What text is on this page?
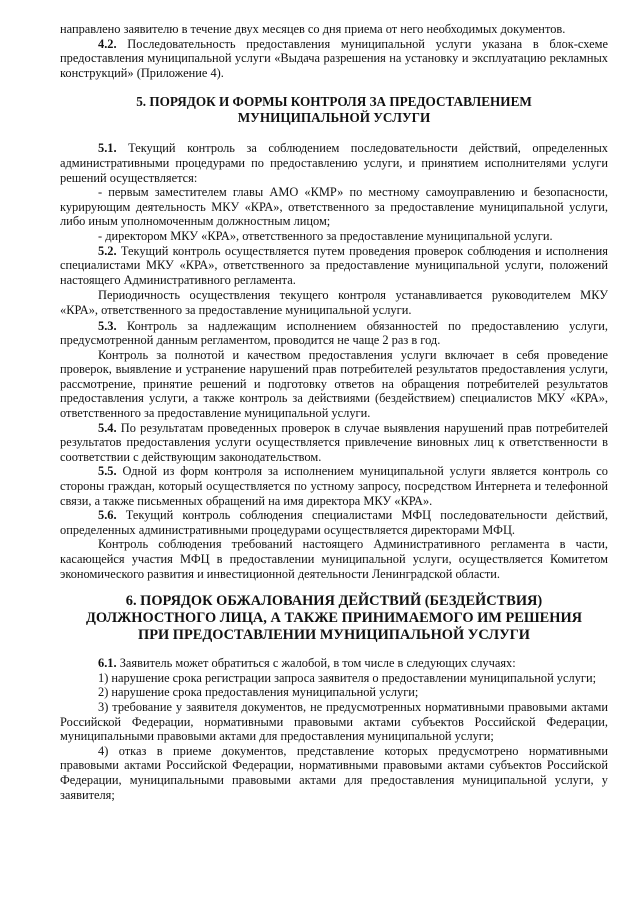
направлено заявителю в течение двух месяцев со дня приема от него необходимых документов.

4.2. Последовательность предоставления муниципальной услуги указана в блок-схеме предоставления муниципальной услуги «Выдача разрешения на установку и эксплуатацию рекламных конструкций» (Приложение 4).

5. ПОРЯДОК И ФОРМЫ КОНТРОЛЯ ЗА ПРЕДОСТАВЛЕНИЕМ МУНИЦИПАЛЬНОЙ УСЛУГИ

5.1. Текущий контроль за соблюдением последовательности действий, определенных административными процедурами по предоставлению услуги, и принятием исполнителями услуги решений осуществляется:

- первым заместителем главы АМО «КМР» по местному самоуправлению и безопасности, курирующим деятельность МКУ «КРА», ответственного за предоставление муниципальной услуги, либо иным уполномоченным должностным лицом;

- директором МКУ «КРА», ответственного за предоставление муниципальной услуги.

5.2. Текущий контроль осуществляется путем проведения проверок соблюдения и исполнения специалистами МКУ «КРА», ответственного за предоставление муниципальной услуги, положений настоящего Административного регламента.

Периодичность осуществления текущего контроля устанавливается руководителем МКУ «КРА», ответственного за предоставление муниципальной услуги.

5.3. Контроль за надлежащим исполнением обязанностей по предоставлению услуги, предусмотренной данным регламентом, проводится не чаще 2 раз в год.

Контроль за полнотой и качеством предоставления услуги включает в себя проведение проверок, выявление и устранение нарушений прав потребителей результатов предоставления услуги, рассмотрение, принятие решений и подготовку ответов на обращения потребителей результатов предоставления услуги, а также контроль за действиями (бездействием) специалистов МКУ «КРА», ответственного за предоставление муниципальной услуги.

5.4. По результатам проведенных проверок в случае выявления нарушений прав потребителей результатов предоставления услуги осуществляется привлечение виновных лиц к ответственности в соответствии с действующим законодательством.

5.5. Одной из форм контроля за исполнением муниципальной услуги является контроль со стороны граждан, который осуществляется по устному запросу, посредством Интернета и телефонной связи, а также письменных обращений на имя директора МКУ «КРА».

5.6. Текущий контроль соблюдения специалистами МФЦ последовательности действий, определенных административными процедурами осуществляется директорами МФЦ.

Контроль соблюдения требований настоящего Административного регламента в части, касающейся участия МФЦ в предоставлении муниципальной услуги, осуществляется Комитетом экономического развития и инвестиционной деятельности Ленинградской области.

6. ПОРЯДОК ОБЖАЛОВАНИЯ ДЕЙСТВИЙ (БЕЗДЕЙСТВИЯ) ДОЛЖНОСТНОГО ЛИЦА, А ТАКЖЕ ПРИНИМАЕМОГО ИМ РЕШЕНИЯ ПРИ ПРЕДОСТАВЛЕНИИ МУНИЦИПАЛЬНОЙ УСЛУГИ

6.1. Заявитель может обратиться с жалобой, в том числе в следующих случаях:

1) нарушение срока регистрации запроса заявителя о предоставлении муниципальной услуги;

2) нарушение срока предоставления муниципальной услуги;

3) требование у заявителя документов, не предусмотренных нормативными правовыми актами Российской Федерации, нормативными правовыми актами субъектов Российской Федерации, муниципальными правовыми актами для предоставления муниципальной услуги;

4) отказ в приеме документов, представление которых предусмотрено нормативными правовыми актами Российской Федерации, нормативными правовыми актами субъектов Российской Федерации, муниципальными правовыми актами для предоставления муниципальной услуги, у заявителя;
